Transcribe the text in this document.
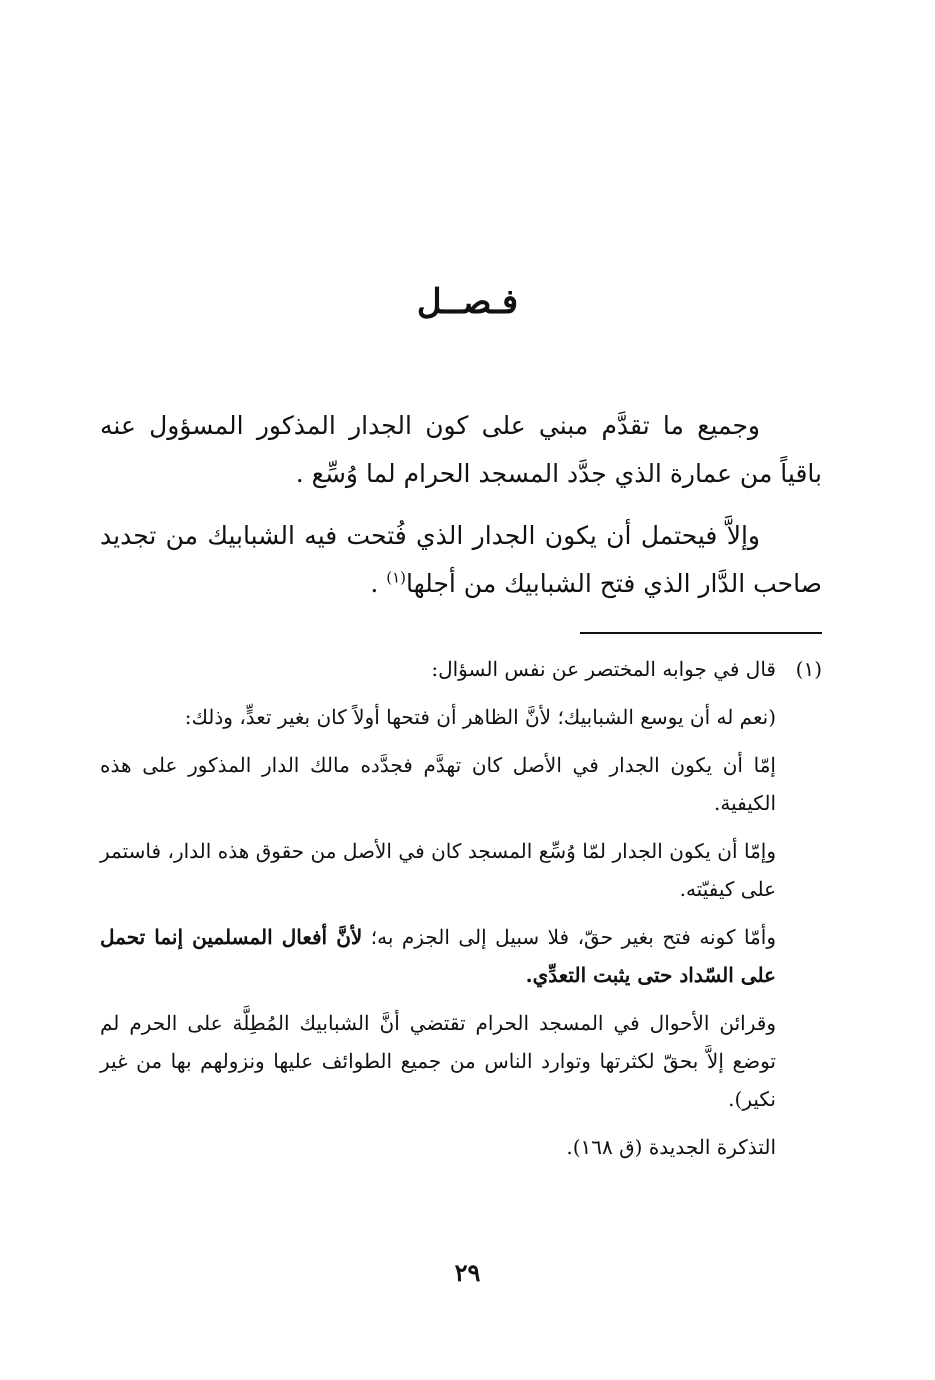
فـصــل

وجميع ما تقدَّم مبني على كون الجدار المذكور المسؤول عنه باقياً من عمارة الذي جدَّد المسجد الحرام لما وُسِّع .

وإلاَّ فيحتمل أن يكون الجدار الذي فُتحت فيه الشبابيك من تجديد صاحب الدَّار الذي فتح الشبابيك من أجلها$^{(١)}$ .

(١)قال في جوابه المختصر عن نفس السؤال:

(نعم له أن يوسع الشبابيك؛ لأنَّ الظاهر أن فتحها أولاً كان بغير تعدٍّ، وذلك:

إمّا أن يكون الجدار في الأصل كان تهدَّم فجدَّده مالك الدار المذكور على هذه الكيفية.

وإمّا أن يكون الجدار لمّا وُسِّع المسجد كان في الأصل من حقوق هذه الدار، فاستمر على كيفيّته.

وأمّا كونه فتح بغير حقّ، فلا سبيل إلى الجزم به؛ لأنَّ أفعال المسلمين إنما تحمل على السّداد حتى يثبت التعدِّي.

وقرائن الأحوال في المسجد الحرام تقتضي أنَّ الشبابيك المُطِلَّة على الحرم لم توضع إلاَّ بحقّ لكثرتها وتوارد الناس من جميع الطوائف عليها ونزولهم بها من غير نكير).

التذكرة الجديدة (ق ١٦٨).

٢٩
